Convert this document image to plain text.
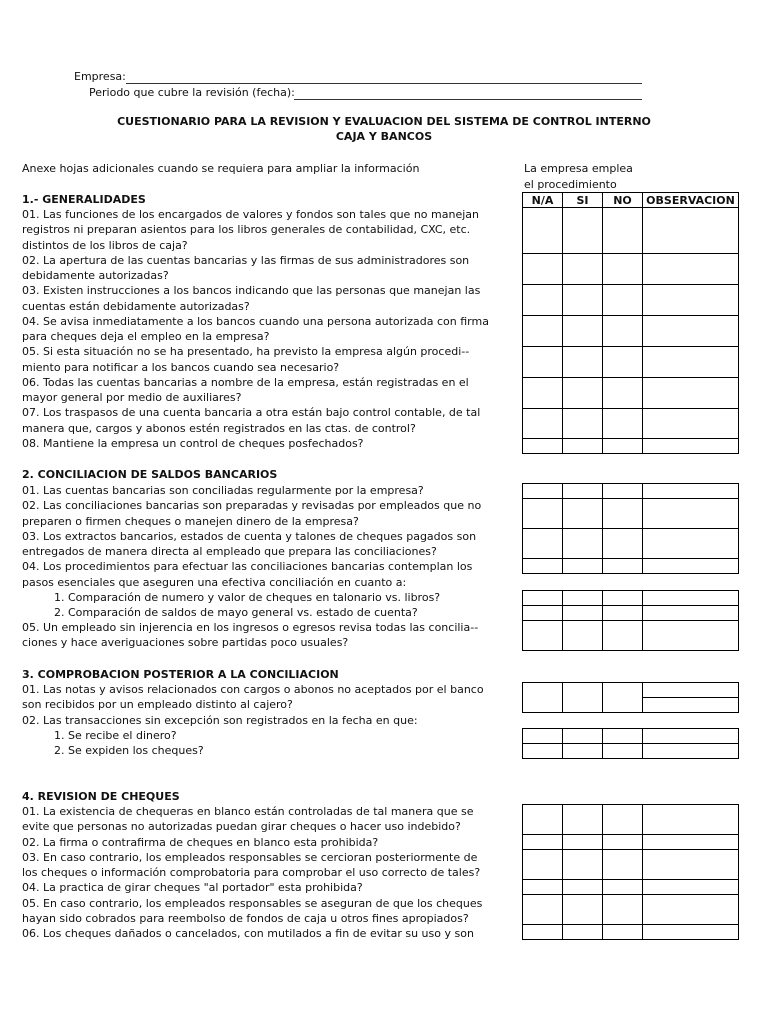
Empresa:
Periodo que cubre la revisión (fecha):
CUESTIONARIO PARA LA REVISION Y EVALUACION DEL SISTEMA DE CONTROL INTERNO
CAJA Y BANCOS
Anexe hojas adicionales cuando se requiera para ampliar la información	La empresa emplea
el procedimiento
1.- GENERALIDADES
01. Las funciones de los encargados de valores y fondos son tales que no manejan
registros ni preparan asientos para los libros generales de contabilidad, CXC, etc.
distintos de los libros de caja?
02. La apertura de las cuentas bancarias y las firmas de sus administradores son
debidamente autorizadas?
03. Existen instrucciones a los bancos indicando que las personas que manejan las
cuentas están debidamente autorizadas?
04. Se avisa inmediatamente a los bancos cuando una persona autorizada con firma
para cheques deja el empleo en la empresa?
05. Si esta situación no se ha presentado, ha previsto la empresa algún procedi--
miento para notificar a los bancos cuando sea necesario?
06. Todas las cuentas bancarias a nombre de la empresa, están registradas en el
mayor general por medio de auxiliares?
07. Los traspasos de una cuenta bancaria a otra están bajo control contable, de tal
manera que, cargos y abonos estén registrados en las ctas. de control?
08. Mantiene la empresa un control de cheques posfechados?
N/A	SI	NO	OBSERVACION

2. CONCILIACION DE SALDOS BANCARIOS
01. Las cuentas bancarias son conciliadas regularmente por la empresa?
02. Las conciliaciones bancarias son preparadas y revisadas por empleados que no
preparen o firmen cheques o manejen dinero de la empresa?
03. Los extractos bancarios, estados de cuenta y talones de cheques pagados son
entregados de manera directa al empleado que prepara las conciliaciones?
04. Los procedimientos para efectuar las conciliaciones bancarias contemplan los
pasos esenciales que aseguren una efectiva conciliación en cuanto a:
1. Comparación de numero y valor de cheques en talonario vs. libros?
2. Comparación de saldos de mayo general vs. estado de cuenta?
05. Un empleado sin injerencia en los ingresos o egresos revisa todas las concilia--
ciones y hace averiguaciones sobre partidas poco usuales?

3. COMPROBACION POSTERIOR A LA CONCILIACION
01. Las notas y avisos relacionados con cargos o abonos no aceptados por el banco
son recibidos por un empleado distinto al cajero?
02. Las transacciones sin excepción son registrados en la fecha en que:
1. Se recibe el dinero?
2. Se expiden los cheques?

4. REVISION DE CHEQUES
01. La existencia de chequeras en blanco están controladas de tal manera que se
evite que personas no autorizadas puedan girar cheques o hacer uso indebido?
02. La firma o contrafirma de cheques en blanco esta prohibida?
03. En caso contrario, los empleados responsables se cercioran posteriormente de
los cheques o información comprobatoria para comprobar el uso correcto de tales?
04. La practica de girar cheques "al portador" esta prohibida?
05. En caso contrario, los empleados responsables se aseguran de que los cheques
hayan sido cobrados para reembolso de fondos de caja u otros fines apropiados?
06. Los cheques dañados o cancelados, con mutilados a fin de evitar su uso y son
